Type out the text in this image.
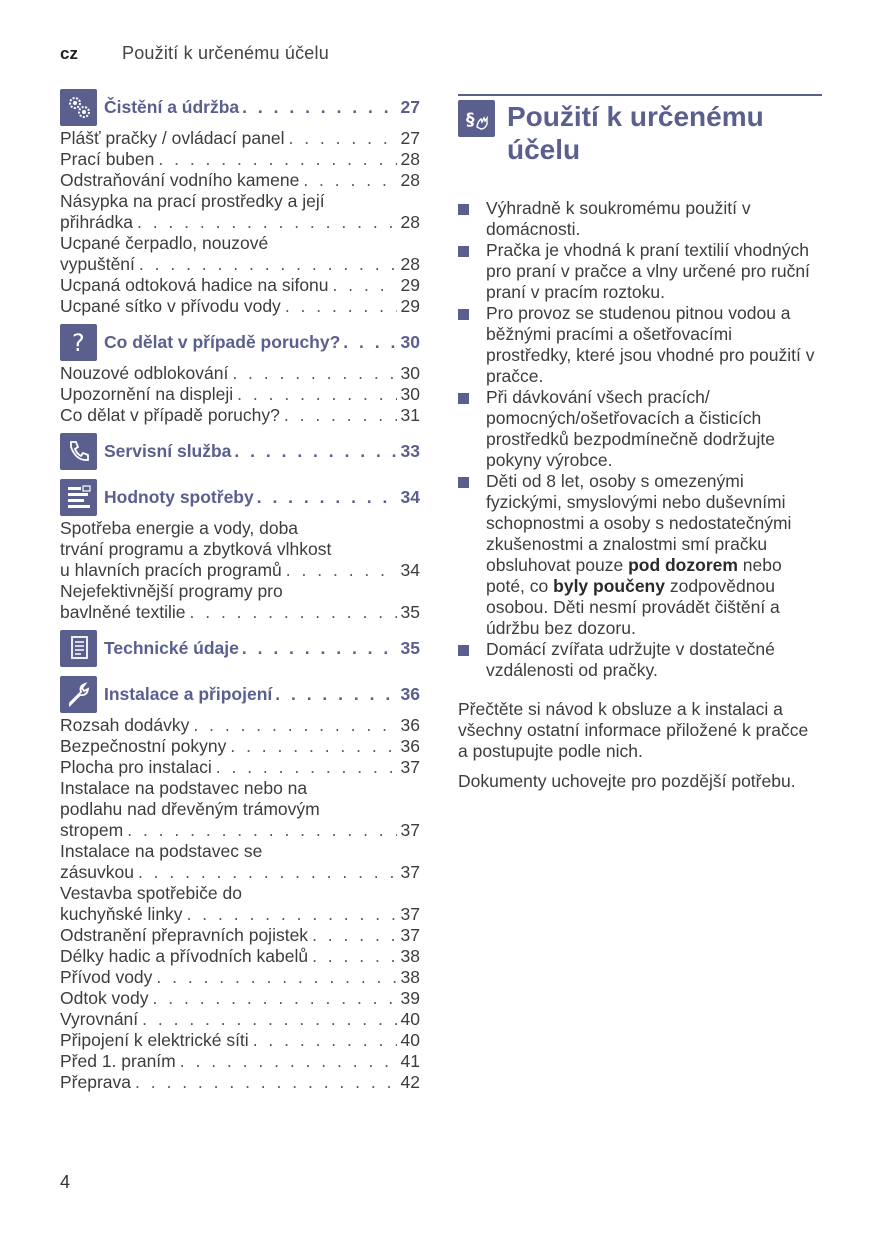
cz	Použití k určenému účelu
Čistění a údržba . . .	27
Plášť pračky / ovládací panel . . .	27
Prací buben . . .	28
Odstraňování vodního kamene . . .	28
Násypka na prací prostředky a její
přihrádka . . .	28
Ucpané čerpadlo, nouzové
vypuštění . . .	28
Ucpaná odtoková hadice na sifonu . . .	29
Ucpané sítko v přívodu vody . . .	29
? Co dělat v případě poruchy? . . .	30
Nouzové odblokování . . .	30
Upozornění na displeji . . .	30
Co dělat v případě poruchy? . . .	31
Servisní služba . . .	33
Hodnoty spotřeby . . .	34
Spotřeba energie a vody, doba
trvání programu a zbytková vlhkost
u hlavních pracích programů . . .	34
Nejefektivnější programy pro
bavlněné textilie . . .	35
Technické údaje . . .	35
Instalace a připojení . . .	36
Rozsah dodávky . . .	36
Bezpečnostní pokyny . . .	36
Plocha pro instalaci . . .	37
Instalace na podstavec nebo na
podlahu nad dřevěným trámovým
stropem . . .	37
Instalace na podstavec se
zásuvkou . . .	37
Vestavba spotřebiče do
kuchyňské linky . . .	37
Odstranění přepravních pojistek . . .	37
Délky hadic a přívodních kabelů . . .	38
Přívod vody . . .	38
Odtok vody . . .	39
Vyrovnání . . .	40
Připojení k elektrické síti . . .	40
Před 1. praním . . .	41
Přeprava . . .	42
§ Použití k určenému
účelu
Výhradně k soukromému použití v domácnosti.
Pračka je vhodná k praní textilií vhodných pro praní v pračce a vlny určené pro ruční praní v pracím roztoku.
Pro provoz se studenou pitnou vodou a běžnými pracími a ošetřovacími prostředky, které jsou vhodné pro použití v pračce.
Při dávkování všech pracích/ pomocných/ošetřovacích a čisticích prostředků bezpodmínečně dodržujte pokyny výrobce.
Děti od 8 let, osoby s omezenými fyzickými, smyslovými nebo duševními schopnostmi a osoby s nedostatečnými zkušenostmi a znalostmi smí pračku obsluhovat pouze pod dozorem nebo poté, co byly poučeny zodpovědnou osobou. Děti nesmí provádět čištění a údržbu bez dozoru.
Domácí zvířata udržujte v dostatečné vzdálenosti od pračky.

Přečtěte si návod k obsluze a k instalaci a všechny ostatní informace přiložené k pračce a postupujte podle nich.

Dokumenty uchovejte pro pozdější potřebu.

4
